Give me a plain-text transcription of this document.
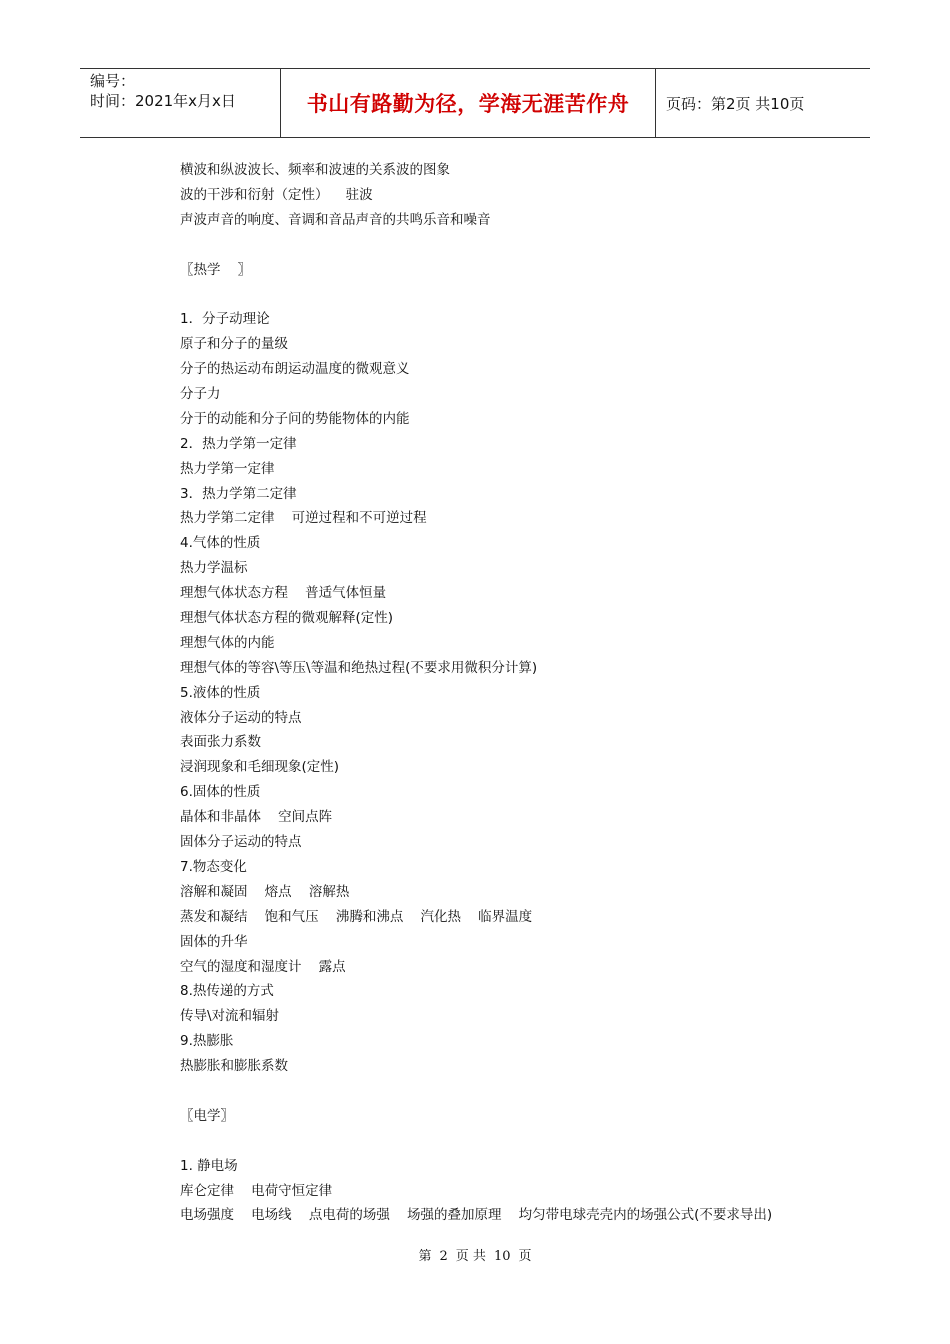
编号：
时间：2021年x月x日	书山有路勤为径，学海无涯苦作舟	页码：第2页 共10页
横波和纵波波长、频率和波速的关系波的图象
波的干涉和衍射（定性）    驻波
声波声音的响度、音调和音品声音的共鸣乐音和噪音
〖热学    〗
1．分子动理论
原子和分子的量级
分子的热运动布朗运动温度的微观意义
分子力
分于的动能和分子问的势能物体的内能
2．热力学第一定律
热力学第一定律
3．热力学第二定律
热力学第二定律    可逆过程和不可逆过程
4.气体的性质
热力学温标
理想气体状态方程    普适气体恒量
理想气体状态方程的微观解释(定性)
理想气体的内能
理想气体的等容\等压\等温和绝热过程(不要求用微积分计算)
5.液体的性质
液体分子运动的特点
表面张力系数
浸润现象和毛细现象(定性)
6.固体的性质
晶体和非晶体    空间点阵
固体分子运动的特点
7.物态变化
溶解和凝固    熔点    溶解热
蒸发和凝结    饱和气压    沸腾和沸点    汽化热    临界温度
固体的升华
空气的湿度和湿度计    露点
8.热传递的方式
传导\对流和辐射
9.热膨胀
热膨胀和膨胀系数
〖电学〗
1. 静电场
库仑定律    电荷守恒定律
电场强度    电场线    点电荷的场强    场强的叠加原理    均匀带电球壳壳内的场强公式(不要求导出)
第 2 页 共 10 页
